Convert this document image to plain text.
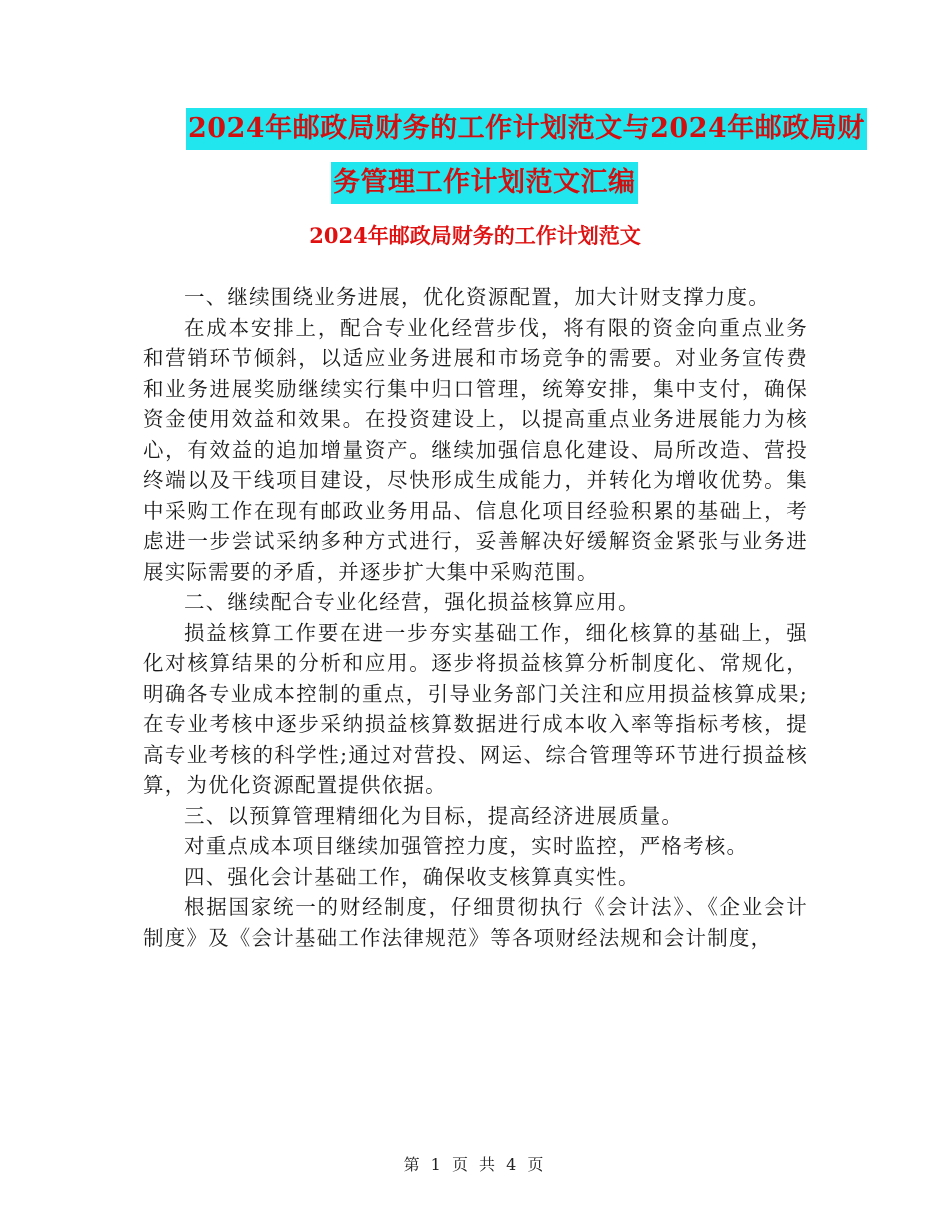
2024年邮政局财务的工作计划范文与2024年邮政局财
务管理工作计划范文汇编
2024年邮政局财务的工作计划范文

一、继续围绕业务进展，优化资源配置，加大计财支撑力度。

在成本安排上，配合专业化经营步伐，将有限的资金向重点业务和营销环节倾斜，以适应业务进展和市场竞争的需要。对业务宣传费和业务进展奖励继续实行集中归口管理，统筹安排，集中支付，确保资金使用效益和效果。在投资建设上，以提高重点业务进展能力为核心，有效益的追加增量资产。继续加强信息化建设、局所改造、营投终端以及干线项目建设，尽快形成生成能力，并转化为增收优势。集中采购工作在现有邮政业务用品、信息化项目经验积累的基础上，考虑进一步尝试采纳多种方式进行，妥善解决好缓解资金紧张与业务进展实际需要的矛盾，并逐步扩大集中采购范围。

二、继续配合专业化经营，强化损益核算应用。

损益核算工作要在进一步夯实基础工作，细化核算的基础上，强化对核算结果的分析和应用。逐步将损益核算分析制度化、常规化，明确各专业成本控制的重点，引导业务部门关注和应用损益核算成果;在专业考核中逐步采纳损益核算数据进行成本收入率等指标考核，提高专业考核的科学性;通过对营投、网运、综合管理等环节进行损益核算，为优化资源配置提供依据。

三、以预算管理精细化为目标，提高经济进展质量。

对重点成本项目继续加强管控力度，实时监控，严格考核。

四、强化会计基础工作，确保收支核算真实性。

根据国家统一的财经制度，仔细贯彻执行《会计法》、《企业会计制度》及《会计基础工作法律规范》等各项财经法规和会计制度，

第 1 页 共 4 页
